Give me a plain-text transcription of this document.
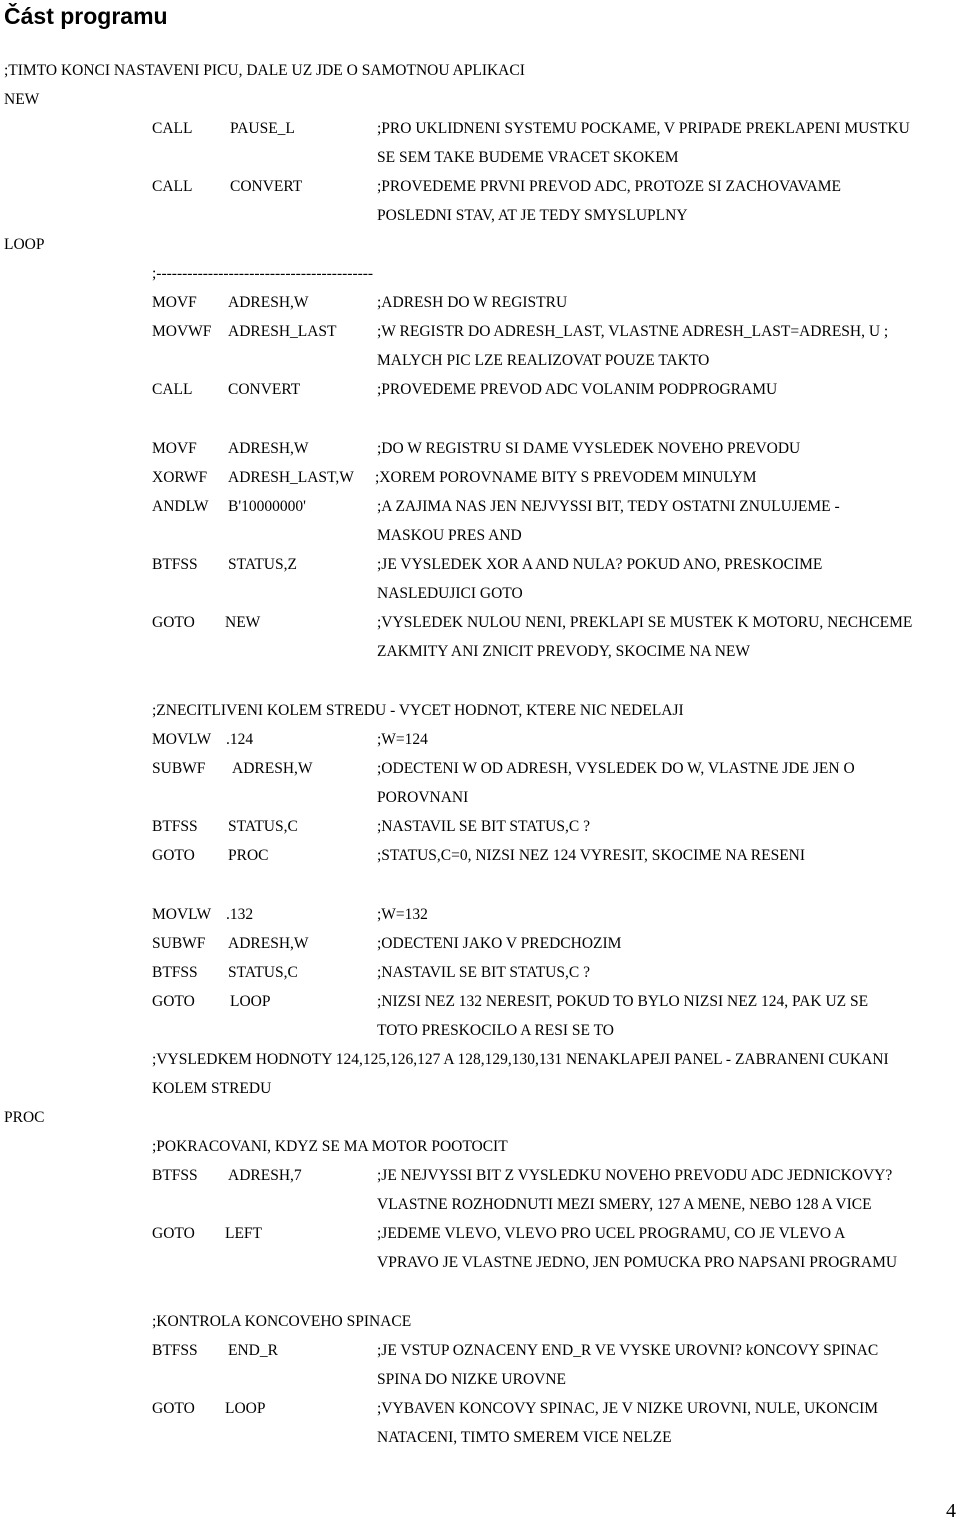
Část programu
;TIMTO KONCI NASTAVENI PICU, DALE UZ JDE O SAMOTNOU APLIKACI
NEW
CALL PAUSE_L	;PRO UKLIDNENI SYSTEMU POCKAME, V PRIPADE PREKLAPENI MUSTKU
SE SEM TAKE BUDEME VRACET SKOKEM
CALL CONVERT	;PROVEDEME PRVNI PREVOD ADC, PROTOZE SI ZACHOVAVAME
POSLEDNI STAV, AT JE TEDY SMYSLUPLNY
LOOP
;------------------------------------------
MOVF ADRESH,W	;ADRESH DO W REGISTRU
MOVWF ADRESH_LAST	;W REGISTR DO ADRESH_LAST, VLASTNE ADRESH_LAST=ADRESH, U ;
MALYCH PIC LZE REALIZOVAT POUZE TAKTO
CALL CONVERT	;PROVEDEME PREVOD ADC VOLANIM PODPROGRAMU
MOVF ADRESH,W	;DO W REGISTRU SI DAME VYSLEDEK NOVEHO PREVODU
XORWF ADRESH_LAST,W ;XOREM POROVNAME BITY S PREVODEM MINULYM
ANDLW B'10000000'	;A ZAJIMA NAS JEN NEJVYSSI BIT, TEDY OSTATNI ZNULUJEME -
MASKOU PRES AND
BTFSS STATUS,Z	;JE VYSLEDEK XOR A AND NULA? POKUD ANO, PRESKOCIME
NASLEDUJICI GOTO
GOTO NEW	;VYSLEDEK NULOU NENI, PREKLAPI SE MUSTEK K MOTORU, NECHCEME
ZAKMITY ANI ZNICIT PREVODY, SKOCIME NA NEW
;ZNECITLIVENI KOLEM STREDU - VYCET HODNOT, KTERE NIC NEDELAJI
MOVLW .124	;W=124
SUBWF ADRESH,W	;ODECTENI W OD ADRESH, VYSLEDEK DO W, VLASTNE JDE JEN O
POROVNANI
BTFSS STATUS,C	;NASTAVIL SE BIT STATUS,C ?
GOTO PROC	;STATUS,C=0, NIZSI NEZ 124 VYRESIT, SKOCIME NA RESENI
MOVLW .132	;W=132
SUBWF ADRESH,W	;ODECTENI JAKO V PREDCHOZIM
BTFSS STATUS,C	;NASTAVIL SE BIT STATUS,C ?
GOTO LOOP	;NIZSI NEZ 132 NERESIT, POKUD TO BYLO NIZSI NEZ 124, PAK UZ SE
TOTO PRESKOCILO A RESI SE TO
;VYSLEDKEM HODNOTY 124,125,126,127 A 128,129,130,131 NENAKLAPEJI PANEL - ZABRANENI CUKANI
KOLEM STREDU
PROC
;POKRACOVANI, KDYZ SE MA MOTOR POOTOCIT
BTFSS ADRESH,7	;JE NEJVYSSI BIT Z VYSLEDKU NOVEHO PREVODU ADC JEDNICKOVY?
VLASTNE ROZHODNUTI MEZI SMERY, 127 A MENE, NEBO 128 A VICE
GOTO LEFT	;JEDEME VLEVO, VLEVO PRO UCEL PROGRAMU, CO JE VLEVO A
VPRAVO JE VLASTNE JEDNO, JEN POMUCKA PRO NAPSANI PROGRAMU
;KONTROLA KONCOVEHO SPINACE
BTFSS END_R	;JE VSTUP OZNACENY END_R VE VYSKE UROVNI? kONCOVY SPINAC
SPINA DO NIZKE UROVNE
GOTO LOOP	;VYBAVEN KONCOVY SPINAC, JE V NIZKE UROVNI, NULE, UKONCIM
NATACENI, TIMTO SMEREM VICE NELZE
4
